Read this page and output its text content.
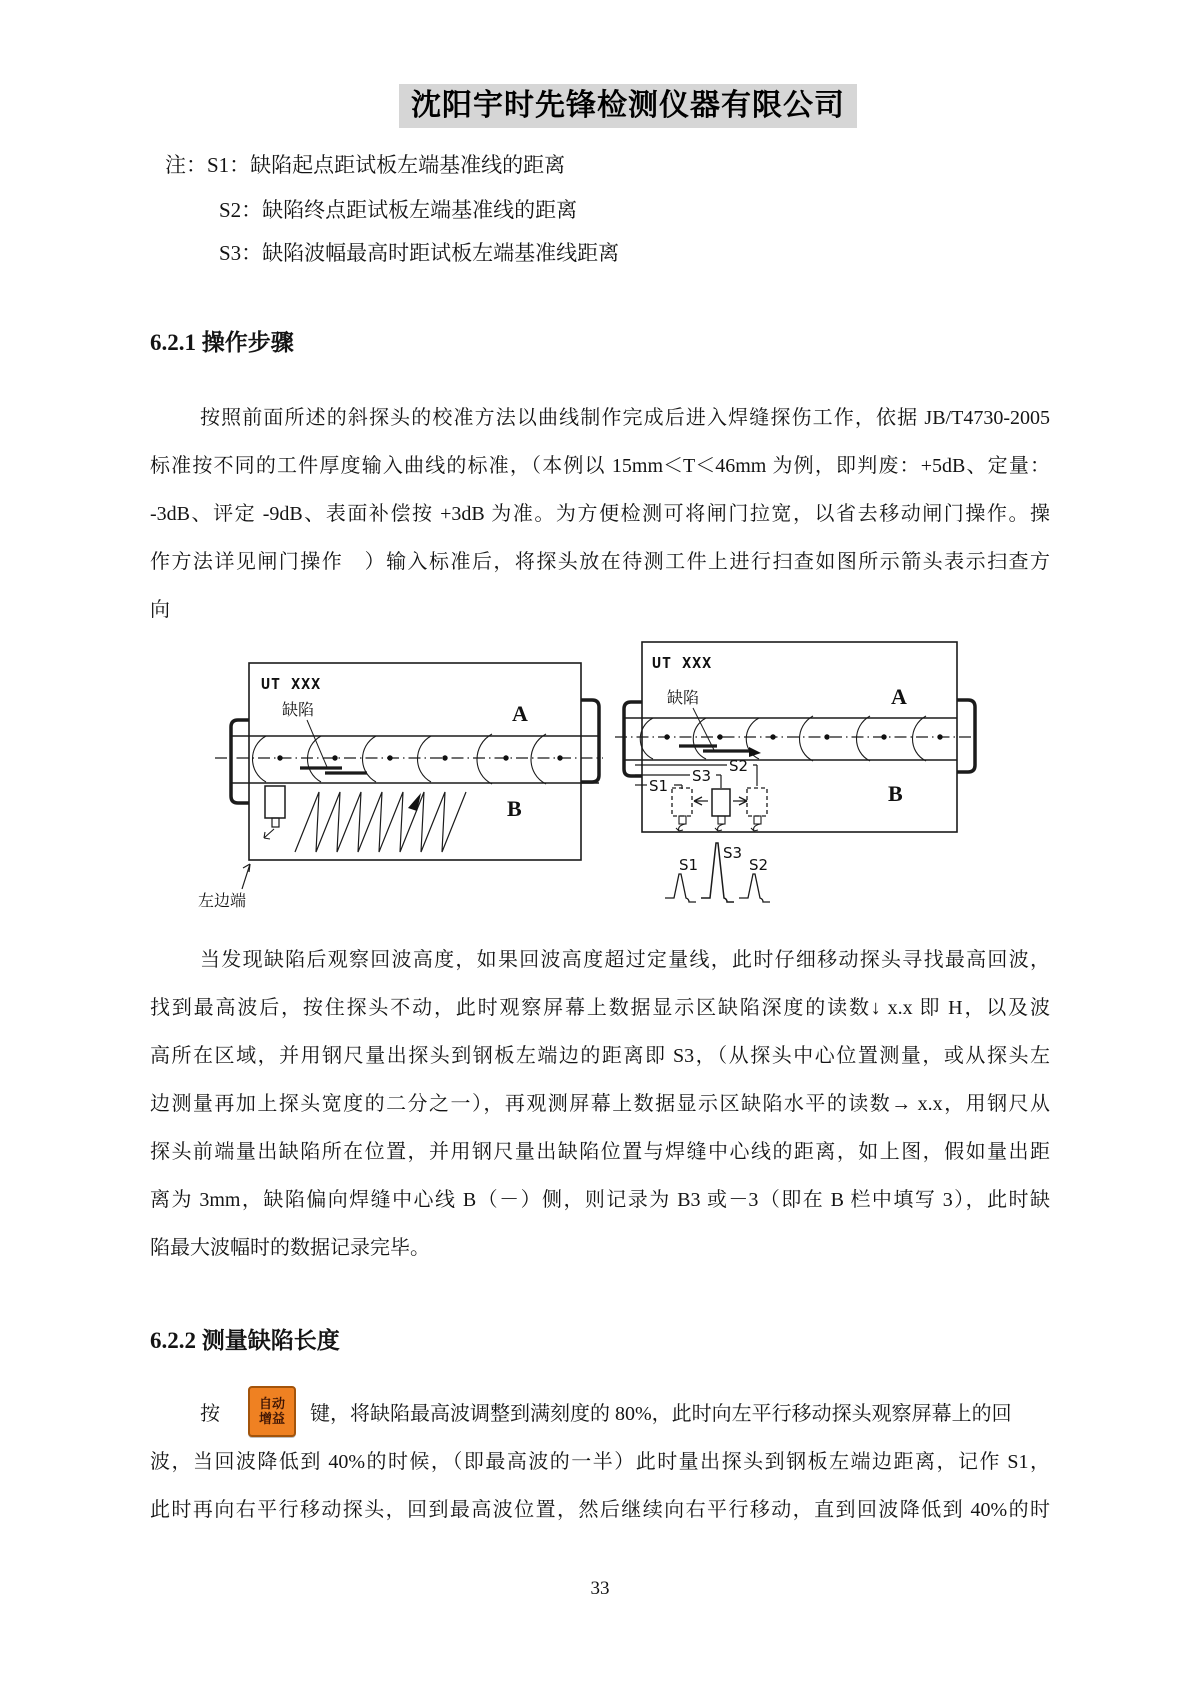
沈阳宇时先锋检测仪器有限公司
注：S1：缺陷起点距试板左端基准线的距离
S2：缺陷终点距试板左端基准线的距离
S3：缺陷波幅最高时距试板左端基准线距离
6.2.1 操作步骤
按照前面所述的斜探头的校准方法以曲线制作完成后进入焊缝探伤工作，依据 JB/T4730-2005
标准按不同的工件厚度输入曲线的标准，（本例以 15mm＜T＜46mm 为例，即判废：+5dB、定量：
-3dB、评定 -9dB、表面补偿按 +3dB 为准。为方便检测可将闸门拉宽，以省去移动闸门操作。操
作方法详见闸门操作　）输入标准后，将探头放在待测工件上进行扫查如图所示箭头表示扫查方
向
UT XXX
缺陷	A
B
左边端
UT XXX
缺陷	A
B
S2
S3
S1
S1
S3
S2
当发现缺陷后观察回波高度，如果回波高度超过定量线，此时仔细移动探头寻找最高回波，
找到最高波后，按住探头不动，此时观察屏幕上数据显示区缺陷深度的读数↓ x.x 即 H，以及波
高所在区域，并用钢尺量出探头到钢板左端边的距离即 S3，（从探头中心位置测量，或从探头左
边测量再加上探头宽度的二分之一），再观测屏幕上数据显示区缺陷水平的读数→ x.x，用钢尺从
探头前端量出缺陷所在位置，并用钢尺量出缺陷位置与焊缝中心线的距离，如上图，假如量出距
离为 3mm，缺陷偏向焊缝中心线 B（－）侧，则记录为 B3 或－3（即在 B 栏中填写 3），此时缺
陷最大波幅时的数据记录完毕。
6.2.2 测量缺陷长度
按	自动
增益 键，将缺陷最高波调整到满刻度的 80%，此时向左平行移动探头观察屏幕上的回
波，当回波降低到 40%的时候，（即最高波的一半）此时量出探头到钢板左端边距离，记作 S1，
此时再向右平行移动探头，回到最高波位置，然后继续向右平行移动，直到回波降低到 40%的时
33
